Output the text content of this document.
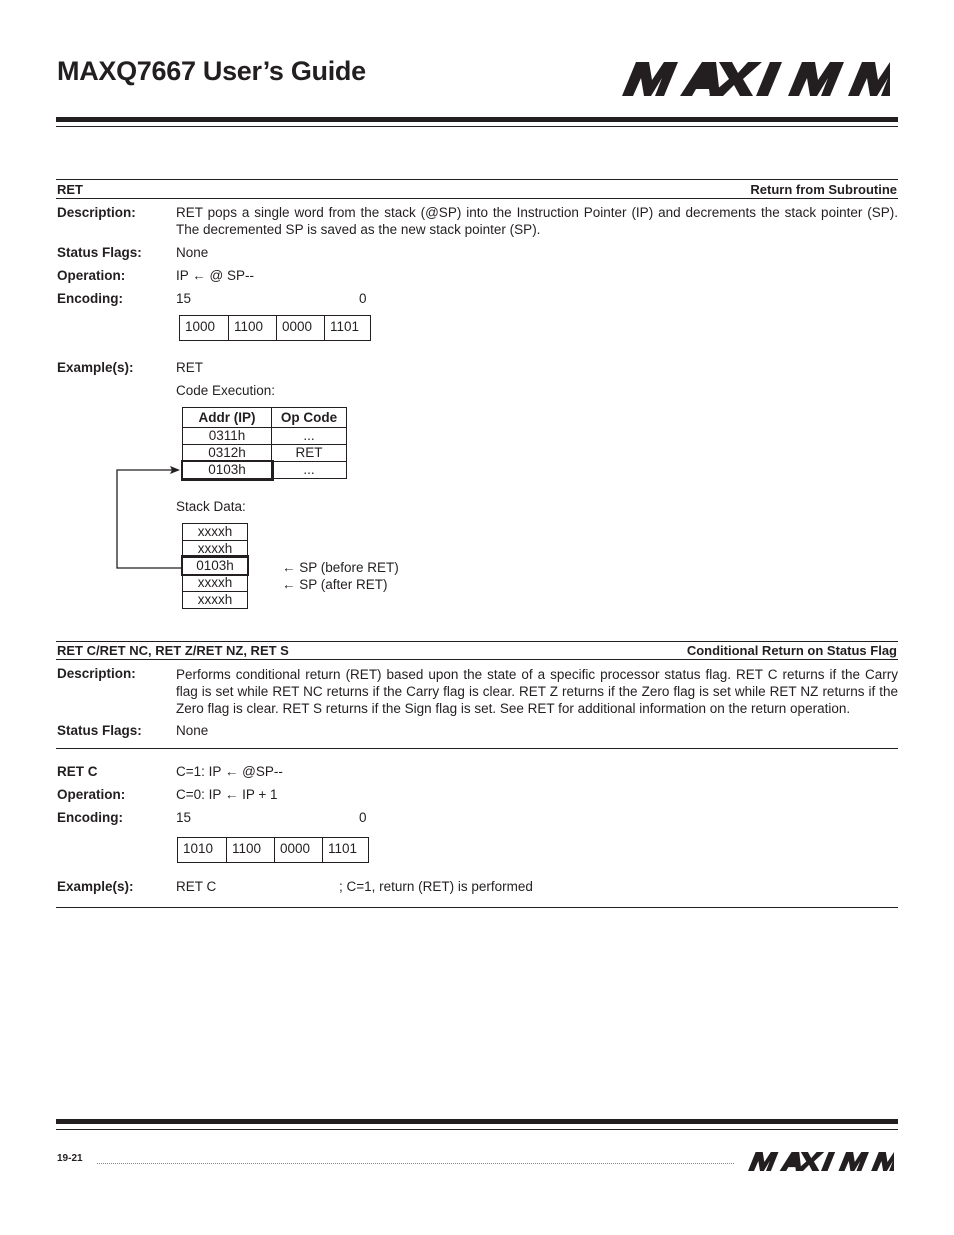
MAXQ7667 User’s Guide
RET	Return from Subroutine
Description:	RET pops a single word from the stack (@SP) into the Instruction Pointer (IP) and decrements the stack pointer (SP). The decremented SP is saved as the new stack pointer (SP).
Status Flags:	None
Operation:	IP ← @ SP--
Encoding:	15	0
1000	1100	0000	1101
Example(s):	RET
Code Execution:
Addr (IP)	Op Code
0311h	...
0312h	RET
0103h	...
Stack Data:
xxxxh
xxxxh
0103h
xxxxh
xxxxh
← SP (before RET)
← SP (after RET)
RET C/RET NC, RET Z/RET NZ, RET S	Conditional Return on Status Flag
Description:	Performs conditional return (RET) based upon the state of a specific processor status flag. RET C returns if the Carry flag is set while RET NC returns if the Carry flag is clear. RET Z returns if the Zero flag is set while RET NZ returns if the Zero flag is clear. RET S returns if the Sign flag is set. See RET for additional information on the return operation.
Status Flags:	None
RET C	C=1: IP ← @SP--
Operation:	C=0: IP ← IP + 1
Encoding:	15	0
1010	1100	0000	1101
Example(s):	RET C	; C=1, return (RET) is performed
19-21
